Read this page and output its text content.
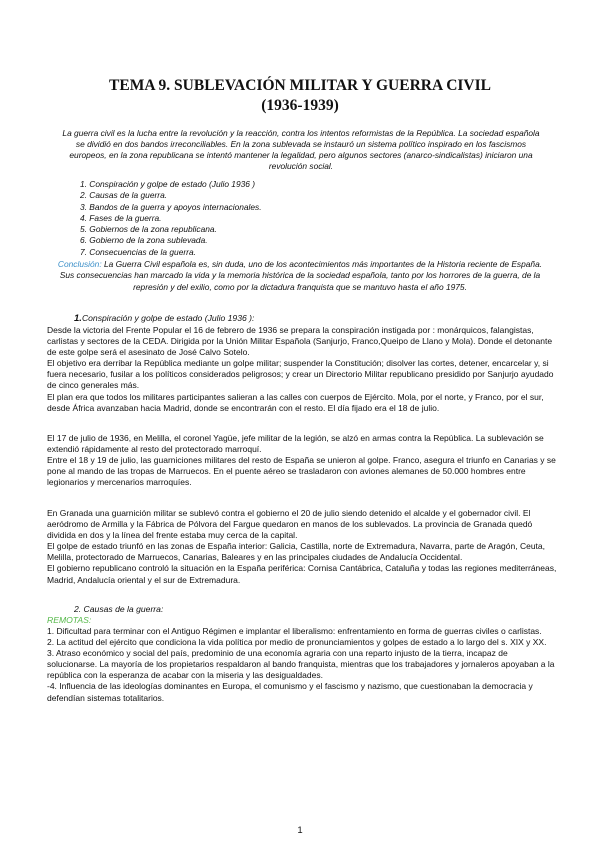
TEMA 9. SUBLEVACIÓN MILITAR Y GUERRA CIVIL
(1936-1939)
La guerra civil es la lucha entre la revolución y la reacción, contra los intentos reformistas de la República. La sociedad española se dividió en dos bandos irreconciliables. En la zona sublevada se instauró un sistema político inspirado en los fascismos europeos, en la zona republicana se intentó mantener la legalidad, pero algunos sectores (anarco-sindicalistas) iniciaron una revolución social.
1. Conspiración y golpe de estado (Julio 1936 )
2. Causas de la guerra.
3. Bandos de la guerra y apoyos internacionales.
4. Fases de la guerra.
5. Gobiernos de la zona republicana.
6. Gobierno de la zona sublevada.
7. Consecuencias de la guerra.
Conclusión: La Guerra Civil española es, sin duda, uno de los acontecimientos más importantes de la Historia reciente de España. Sus consecuencias han marcado la vida y la memoria histórica de la sociedad española, tanto por los horrores de la guerra, de la represión y del exilio, como por la dictadura franquista que se mantuvo hasta el año 1975.
1.Conspiración y golpe de estado (Julio 1936 ):

Desde la victoria del Frente Popular el 16 de febrero de 1936 se prepara la conspiración instigada por : monárquicos, falangistas, carlistas y sectores de la CEDA. Dirigida por la Unión Militar Española (Sanjurjo, Franco,Queipo de Llano y Mola). Donde el detonante de este golpe será el asesinato de José Calvo Sotelo.

El objetivo era derribar la República mediante un golpe militar; suspender la Constitución; disolver las cortes, detener, encarcelar y, si fuera necesario, fusilar a los políticos considerados peligrosos; y crear un Directorio Militar republicano presidido por Sanjurjo ayudado de cinco generales más.

El plan era que todos los militares participantes salieran a las calles con cuerpos de Ejército. Mola, por el norte, y Franco, por el sur, desde África avanzaban hacia Madrid, donde se encontrarán con el resto. El día fijado era el 18 de julio.

El 17 de julio de 1936, en Melilla, el coronel Yagüe, jefe militar de la legión, se alzó en armas contra la República. La sublevación se extendió rápidamente al resto del protectorado marroquí.

Entre el 18 y 19 de julio, las guarniciones militares del resto de España se unieron al golpe. Franco, asegura el triunfo en Canarias y se pone al mando de las tropas de Marruecos. En el puente aéreo se trasladaron con aviones alemanes de 50.000 hombres entre legionarios y mercenarios marroquíes.

En Granada una guarnición militar se sublevó contra el gobierno el 20 de julio siendo detenido el alcalde y el gobernador civil. El aeródromo de Armilla y la Fábrica de Pólvora del Fargue quedaron en manos de los sublevados. La provincia de Granada quedó dividida en dos y la línea del frente estaba muy cerca de la capital.

El golpe de estado triunfó en las zonas de España interior: Galicia, Castilla, norte de Extremadura, Navarra, parte de Aragón, Ceuta, Melilla, protectorado de Marruecos, Canarias, Baleares y en las principales ciudades de Andalucía Occidental.

El gobierno republicano controló la situación en la España periférica: Cornisa Cantábrica, Cataluña y todas las regiones mediterráneas, Madrid, Andalucía oriental y el sur de Extremadura.

2. Causas de la guerra:
REMOTAS:

1. Dificultad para terminar con el Antiguo Régimen e implantar el liberalismo: enfrentamiento en forma de guerras civiles o carlistas.

2. La actitud del ejército que condiciona la vida política por medio de pronunciamientos y golpes de estado a lo largo del s. XIX y XX.

3. Atraso económico y social del país, predominio de una economía agraria con una reparto injusto de la tierra, incapaz de solucionarse. La mayoría de los propietarios respaldaron al bando franquista, mientras que los trabajadores y jornaleros apoyaban a la república con la esperanza de acabar con la miseria y las desigualdades.

-4. Influencia de las ideologías dominantes en Europa, el comunismo y el fascismo y nazismo, que cuestionaban la democracia y defendían sistemas totalitarios.

1
